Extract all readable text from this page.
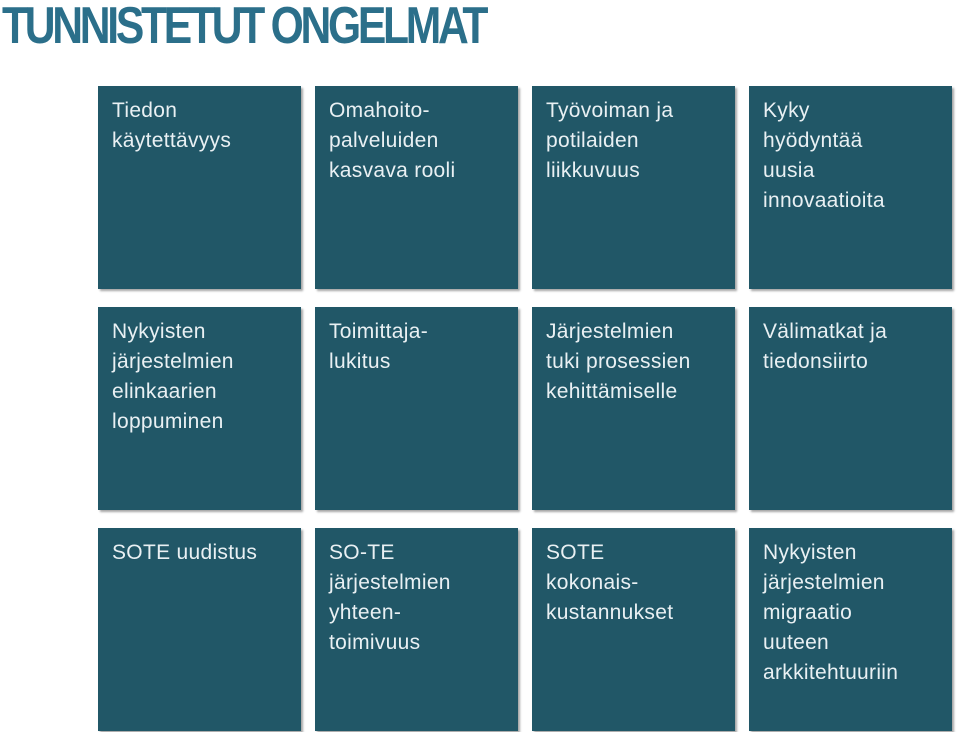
TUNNISTETUT ONGELMAT
Tiedon
käytettävyys
Omahoito-
palveluiden
kasvava rooli
Työvoiman ja
potilaiden
liikkuvuus
Kyky
hyödyntää
uusia
innovaatioita
Nykyisten
järjestelmien
elinkaarien
loppuminen
Toimittaja-
lukitus
Järjestelmien
tuki prosessien
kehittämiselle
Välimatkat ja
tiedonsiirto
SOTE uudistus	SO-TE
järjestelmien
yhteen-
toimivuus
SOTE
kokonais-
kustannukset
Nykyisten
järjestelmien
migraatio
uuteen
arkkitehtuuriin
